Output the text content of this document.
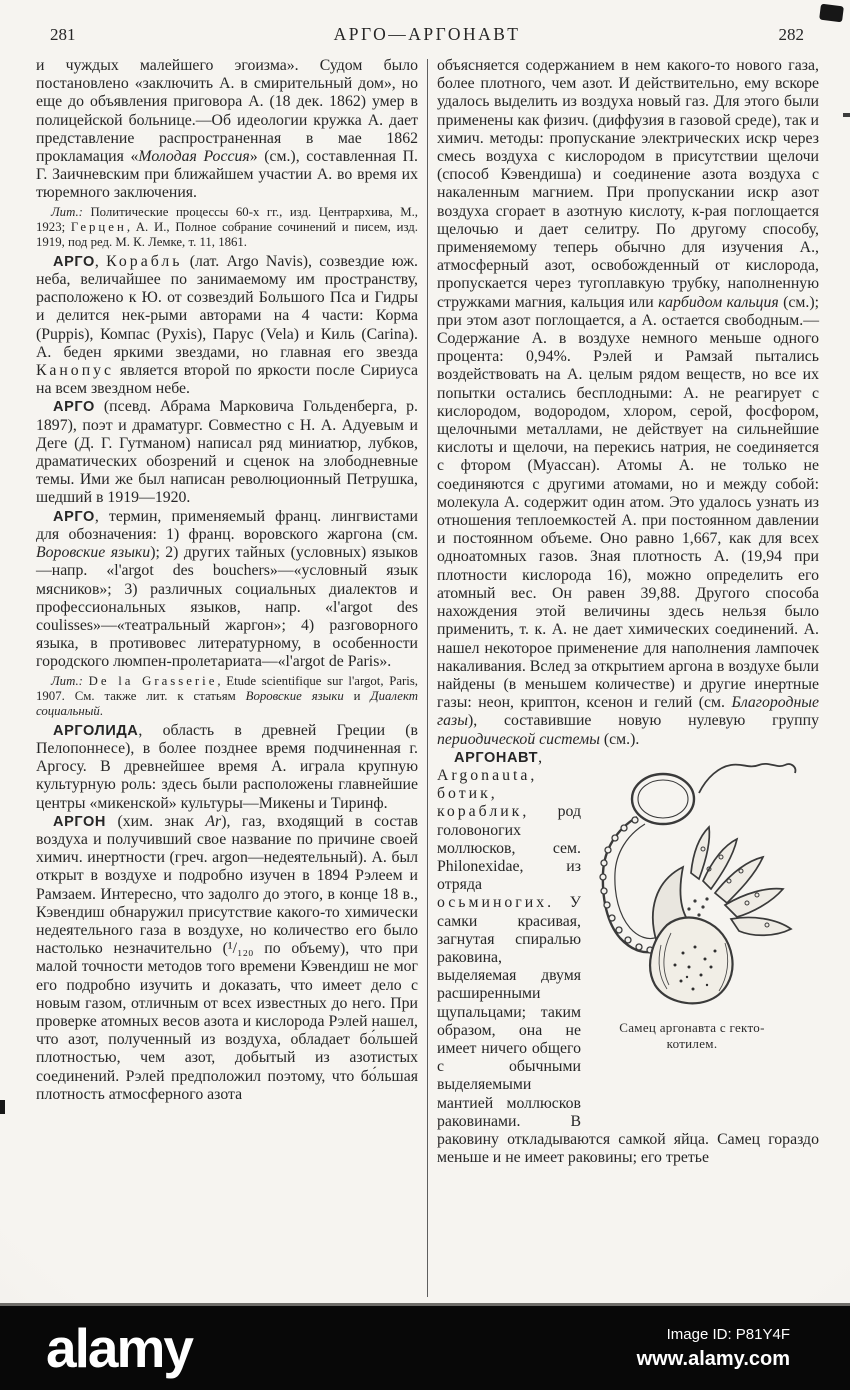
281	АРГО—АРГОНАВТ	282

и чуждых малейшего эгоизма». Судом было постановлено «заключить А. в смирительный дом», но еще до объявления приговора А. (18 дек. 1862) умер в полицейской больнице.—Об идеологии кружка А. дает представление распространенная в мае 1862 прокламация «Молодая Россия» (см.), составленная П. Г. Заичневским при ближайшем участии А. во время их тюремного заключения.

Лит.: Политические процессы 60-х гг., изд. Центрархива, М., 1923; Герцен, А. И., Полное собрание сочинений и писем, изд. 1919, под ред. М. К. Лемке, т. 11, 1861.

АРГО, Корабль (лат. Argo Navis), созвездие юж. неба, величайшее по занимаемому им пространству, расположено к Ю. от созвездий Большого Пса и Гидры и делится нек-рыми авторами на 4 части: Корма (Puppis), Компас (Pyxis), Парус (Vela) и Киль (Carina). А. беден яркими звездами, но главная его звезда Канопус является второй по яркости после Сириуса на всем звездном небе.

АРГО (псевд. Абрама Марковича Гольденберга, р. 1897), поэт и драматург. Совместно с Н. А. Адуевым и Деге (Д. Г. Гутманом) написал ряд миниатюр, лубков, драматических обозрений и сценок на злободневные темы. Ими же был написан революционный Петрушка, шедший в 1919—1920.

АРГО, термин, применяемый франц. лингвистами для обозначения: 1) франц. воровского жаргона (см. Воровские языки); 2) других тайных (условных) языков—напр. «l'argot des bouchers»—«условный язык мясников»; 3) различных социальных диалектов и профессиональных языков, напр. «l'argot des coulisses»—«театральный жаргон»; 4) разговорного языка, в противовес литературному, в особенности городского люмпен-пролетариата—«l'argot de Paris».

Лит.: De la Grasserie, Etude scientifique sur l'argot, Paris, 1907. См. также лит. к статьям Воровские языки и Диалект социальный.

АРГОЛИДА, область в древней Греции (в Пелопоннесе), в более позднее время подчиненная г. Аргосу. В древнейшее время А. играла крупную культурную роль: здесь были расположены главнейшие центры «микенской» культуры—Микены и Тиринф.

АРГОН (хим. знак Ar), газ, входящий в состав воздуха и получивший свое название по причине своей химич. инертности (греч. argon—недеятельный). А. был открыт в воздухе и подробно изучен в 1894 Рэлеем и Рамзаем. Интересно, что задолго до этого, в конце 18 в., Кэвендиш обнаружил присутствие какого-то химически недеятельного газа в воздухе, но количество его было настолько незначительно (¹/₁₂₀ по объему), что при малой точности методов того времени Кэвендиш не мог его подробно изучить и доказать, что имеет дело с новым газом, отличным от всех известных до него. При проверке атомных весов азота и кислорода Рэлей нашел, что азот, полученный из воздуха, обладает бо́льшей плотностью, чем азот, добытый из азотистых соединений. Рэлей предположил поэтому, что бо́льшая плотность атмосферного азота

объясняется содержанием в нем какого-то нового газа, более плотного, чем азот. И действительно, ему вскоре удалось выделить из воздуха новый газ. Для этого были применены как физич. (диффузия в газовой среде), так и химич. методы: пропускание электрических искр через смесь воздуха с кислородом в присутствии щелочи (способ Кэвендиша) и соединение азота воздуха с накаленным магнием. При пропускании искр азот воздуха сгорает в азотную кислоту, к-рая поглощается щелочью и дает селитру. По другому способу, применяемому теперь обычно для изучения А., атмосферный азот, освобожденный от кислорода, пропускается через тугоплавкую трубку, наполненную стружками магния, кальция или карбидом кальция (см.); при этом азот поглощается, а А. остается свободным.— Содержание А. в воздухе немного меньше одного процента: 0,94%. Рэлей и Рамзай пытались воздействовать на А. целым рядом веществ, но все их попытки остались бесплодными: А. не реагирует с кислородом, водородом, хлором, серой, фосфором, щелочными металлами, не действует на сильнейшие кислоты и щелочи, на перекись натрия, не соединяется с фтором (Муассан). Атомы А. не только не соединяются с другими атомами, но и между собой: молекула А. содержит один атом. Это удалось узнать из отношения теплоемкостей А. при постоянном давлении и постоянном объеме. Оно равно 1,667, как для всех одноатомных газов. Зная плотность А. (19,94 при плотности кислорода 16), можно определить его атомный вес. Он равен 39,88. Другого способа нахождения этой величины здесь нельзя было применить, т. к. А. не дает химических соединений. А. нашел некоторое применение для наполнения лампочек накаливания. Вслед за открытием аргона в воздухе были найдены (в меньшем количестве) и другие инертные газы: неон, криптон, ксенон и гелий (см. Благородные газы), составившие новую нулевую группу периодической системы (см.).

Самец аргонавта с гекто-
котилем.

АРГОНАВТ, Argonauta, ботик, кораблик, род головоногих моллюсков, сем. Philonexidae, из отряда осьминогих. У самки красивая, загнутая спиралью раковина, выделяемая двумя расширенными щупальцами; таким образом, она не имеет ничего общего с обычными выделяемыми мантией моллюсков раковинами. В раковину откладываются самкой яйца. Самец гораздо меньше и не имеет раковины; его третье

alamy	Image ID: P81Y4F
www.alamy.com
